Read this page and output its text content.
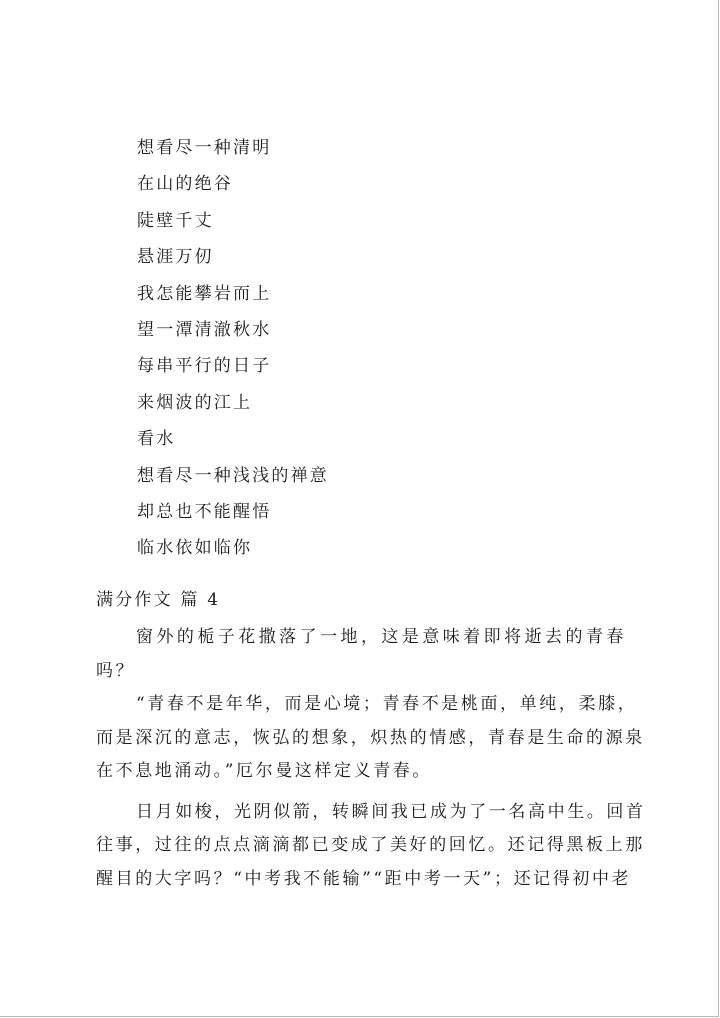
想看尽一种清明
在山的绝谷
陡壁千丈
悬涯万仞
我怎能攀岩而上
望一潭清澈秋水
每串平行的日子
来烟波的江上
看水
想看尽一种浅浅的禅意
却总也不能醒悟
临水依如临你
满分作文 篇 4

窗外的栀子花撒落了一地，这是意味着即将逝去的青春吗？

“青春不是年华，而是心境；青春不是桃面，单纯，柔膝，
而是深沉的意志，恢弘的想象，炽热的情感，青春是生命的源泉
在不息地涌动。”厄尔曼这样定义青春。

日月如梭，光阴似箭，转瞬间我已成为了一名高中生。回首
往事，过往的点点滴滴都已变成了美好的回忆。还记得黑板上那
醒目的大字吗？“中考我不能输”“距中考一天”；还记得初中老
